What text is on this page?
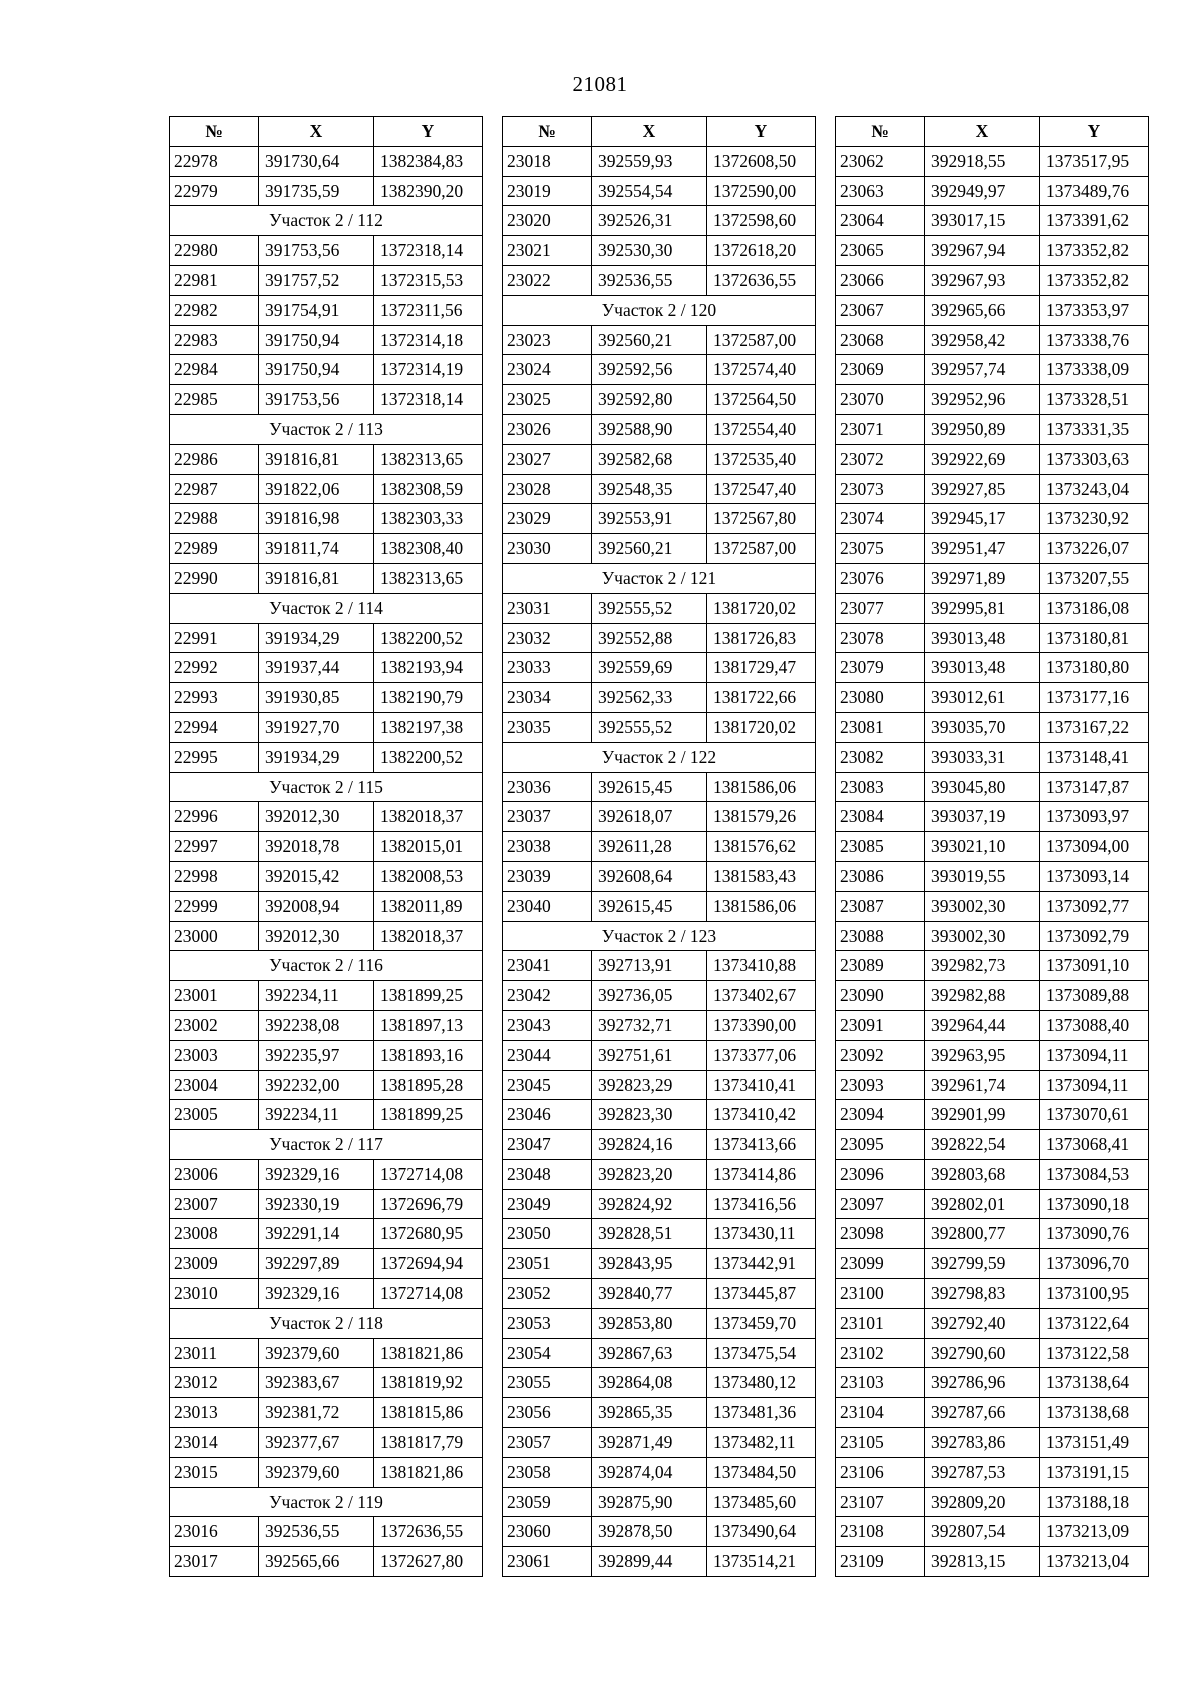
21081
№	X	Y
22978	391730,64	1382384,83
22979	391735,59	1382390,20
Участок 2 / 112		
22980	391753,56	1372318,14
22981	391757,52	1372315,53
22982	391754,91	1372311,56
22983	391750,94	1372314,18
22984	391750,94	1372314,19
22985	391753,56	1372318,14
Участок 2 / 113		
22986	391816,81	1382313,65
22987	391822,06	1382308,59
22988	391816,98	1382303,33
22989	391811,74	1382308,40
22990	391816,81	1382313,65
Участок 2 / 114		
22991	391934,29	1382200,52
22992	391937,44	1382193,94
22993	391930,85	1382190,79
22994	391927,70	1382197,38
22995	391934,29	1382200,52
Участок 2 / 115		
22996	392012,30	1382018,37
22997	392018,78	1382015,01
22998	392015,42	1382008,53
22999	392008,94	1382011,89
23000	392012,30	1382018,37
Участок 2 / 116		
23001	392234,11	1381899,25
23002	392238,08	1381897,13
23003	392235,97	1381893,16
23004	392232,00	1381895,28
23005	392234,11	1381899,25
Участок 2 / 117		
23006	392329,16	1372714,08
23007	392330,19	1372696,79
23008	392291,14	1372680,95
23009	392297,89	1372694,94
23010	392329,16	1372714,08
Участок 2 / 118		
23011	392379,60	1381821,86
23012	392383,67	1381819,92
23013	392381,72	1381815,86
23014	392377,67	1381817,79
23015	392379,60	1381821,86
Участок 2 / 119		
23016	392536,55	1372636,55
23017	392565,66	1372627,80
№	X	Y
23018	392559,93	1372608,50
23019	392554,54	1372590,00
23020	392526,31	1372598,60
23021	392530,30	1372618,20
23022	392536,55	1372636,55
Участок 2 / 120		
23023	392560,21	1372587,00
23024	392592,56	1372574,40
23025	392592,80	1372564,50
23026	392588,90	1372554,40
23027	392582,68	1372535,40
23028	392548,35	1372547,40
23029	392553,91	1372567,80
23030	392560,21	1372587,00
Участок 2 / 121		
23031	392555,52	1381720,02
23032	392552,88	1381726,83
23033	392559,69	1381729,47
23034	392562,33	1381722,66
23035	392555,52	1381720,02
Участок 2 / 122		
23036	392615,45	1381586,06
23037	392618,07	1381579,26
23038	392611,28	1381576,62
23039	392608,64	1381583,43
23040	392615,45	1381586,06
Участок 2 / 123		
23041	392713,91	1373410,88
23042	392736,05	1373402,67
23043	392732,71	1373390,00
23044	392751,61	1373377,06
23045	392823,29	1373410,41
23046	392823,30	1373410,42
23047	392824,16	1373413,66
23048	392823,20	1373414,86
23049	392824,92	1373416,56
23050	392828,51	1373430,11
23051	392843,95	1373442,91
23052	392840,77	1373445,87
23053	392853,80	1373459,70
23054	392867,63	1373475,54
23055	392864,08	1373480,12
23056	392865,35	1373481,36
23057	392871,49	1373482,11
23058	392874,04	1373484,50
23059	392875,90	1373485,60
23060	392878,50	1373490,64
23061	392899,44	1373514,21
№	X	Y
23062	392918,55	1373517,95
23063	392949,97	1373489,76
23064	393017,15	1373391,62
23065	392967,94	1373352,82
23066	392967,93	1373352,82
23067	392965,66	1373353,97
23068	392958,42	1373338,76
23069	392957,74	1373338,09
23070	392952,96	1373328,51
23071	392950,89	1373331,35
23072	392922,69	1373303,63
23073	392927,85	1373243,04
23074	392945,17	1373230,92
23075	392951,47	1373226,07
23076	392971,89	1373207,55
23077	392995,81	1373186,08
23078	393013,48	1373180,81
23079	393013,48	1373180,80
23080	393012,61	1373177,16
23081	393035,70	1373167,22
23082	393033,31	1373148,41
23083	393045,80	1373147,87
23084	393037,19	1373093,97
23085	393021,10	1373094,00
23086	393019,55	1373093,14
23087	393002,30	1373092,77
23088	393002,30	1373092,79
23089	392982,73	1373091,10
23090	392982,88	1373089,88
23091	392964,44	1373088,40
23092	392963,95	1373094,11
23093	392961,74	1373094,11
23094	392901,99	1373070,61
23095	392822,54	1373068,41
23096	392803,68	1373084,53
23097	392802,01	1373090,18
23098	392800,77	1373090,76
23099	392799,59	1373096,70
23100	392798,83	1373100,95
23101	392792,40	1373122,64
23102	392790,60	1373122,58
23103	392786,96	1373138,64
23104	392787,66	1373138,68
23105	392783,86	1373151,49
23106	392787,53	1373191,15
23107	392809,20	1373188,18
23108	392807,54	1373213,09
23109	392813,15	1373213,04
